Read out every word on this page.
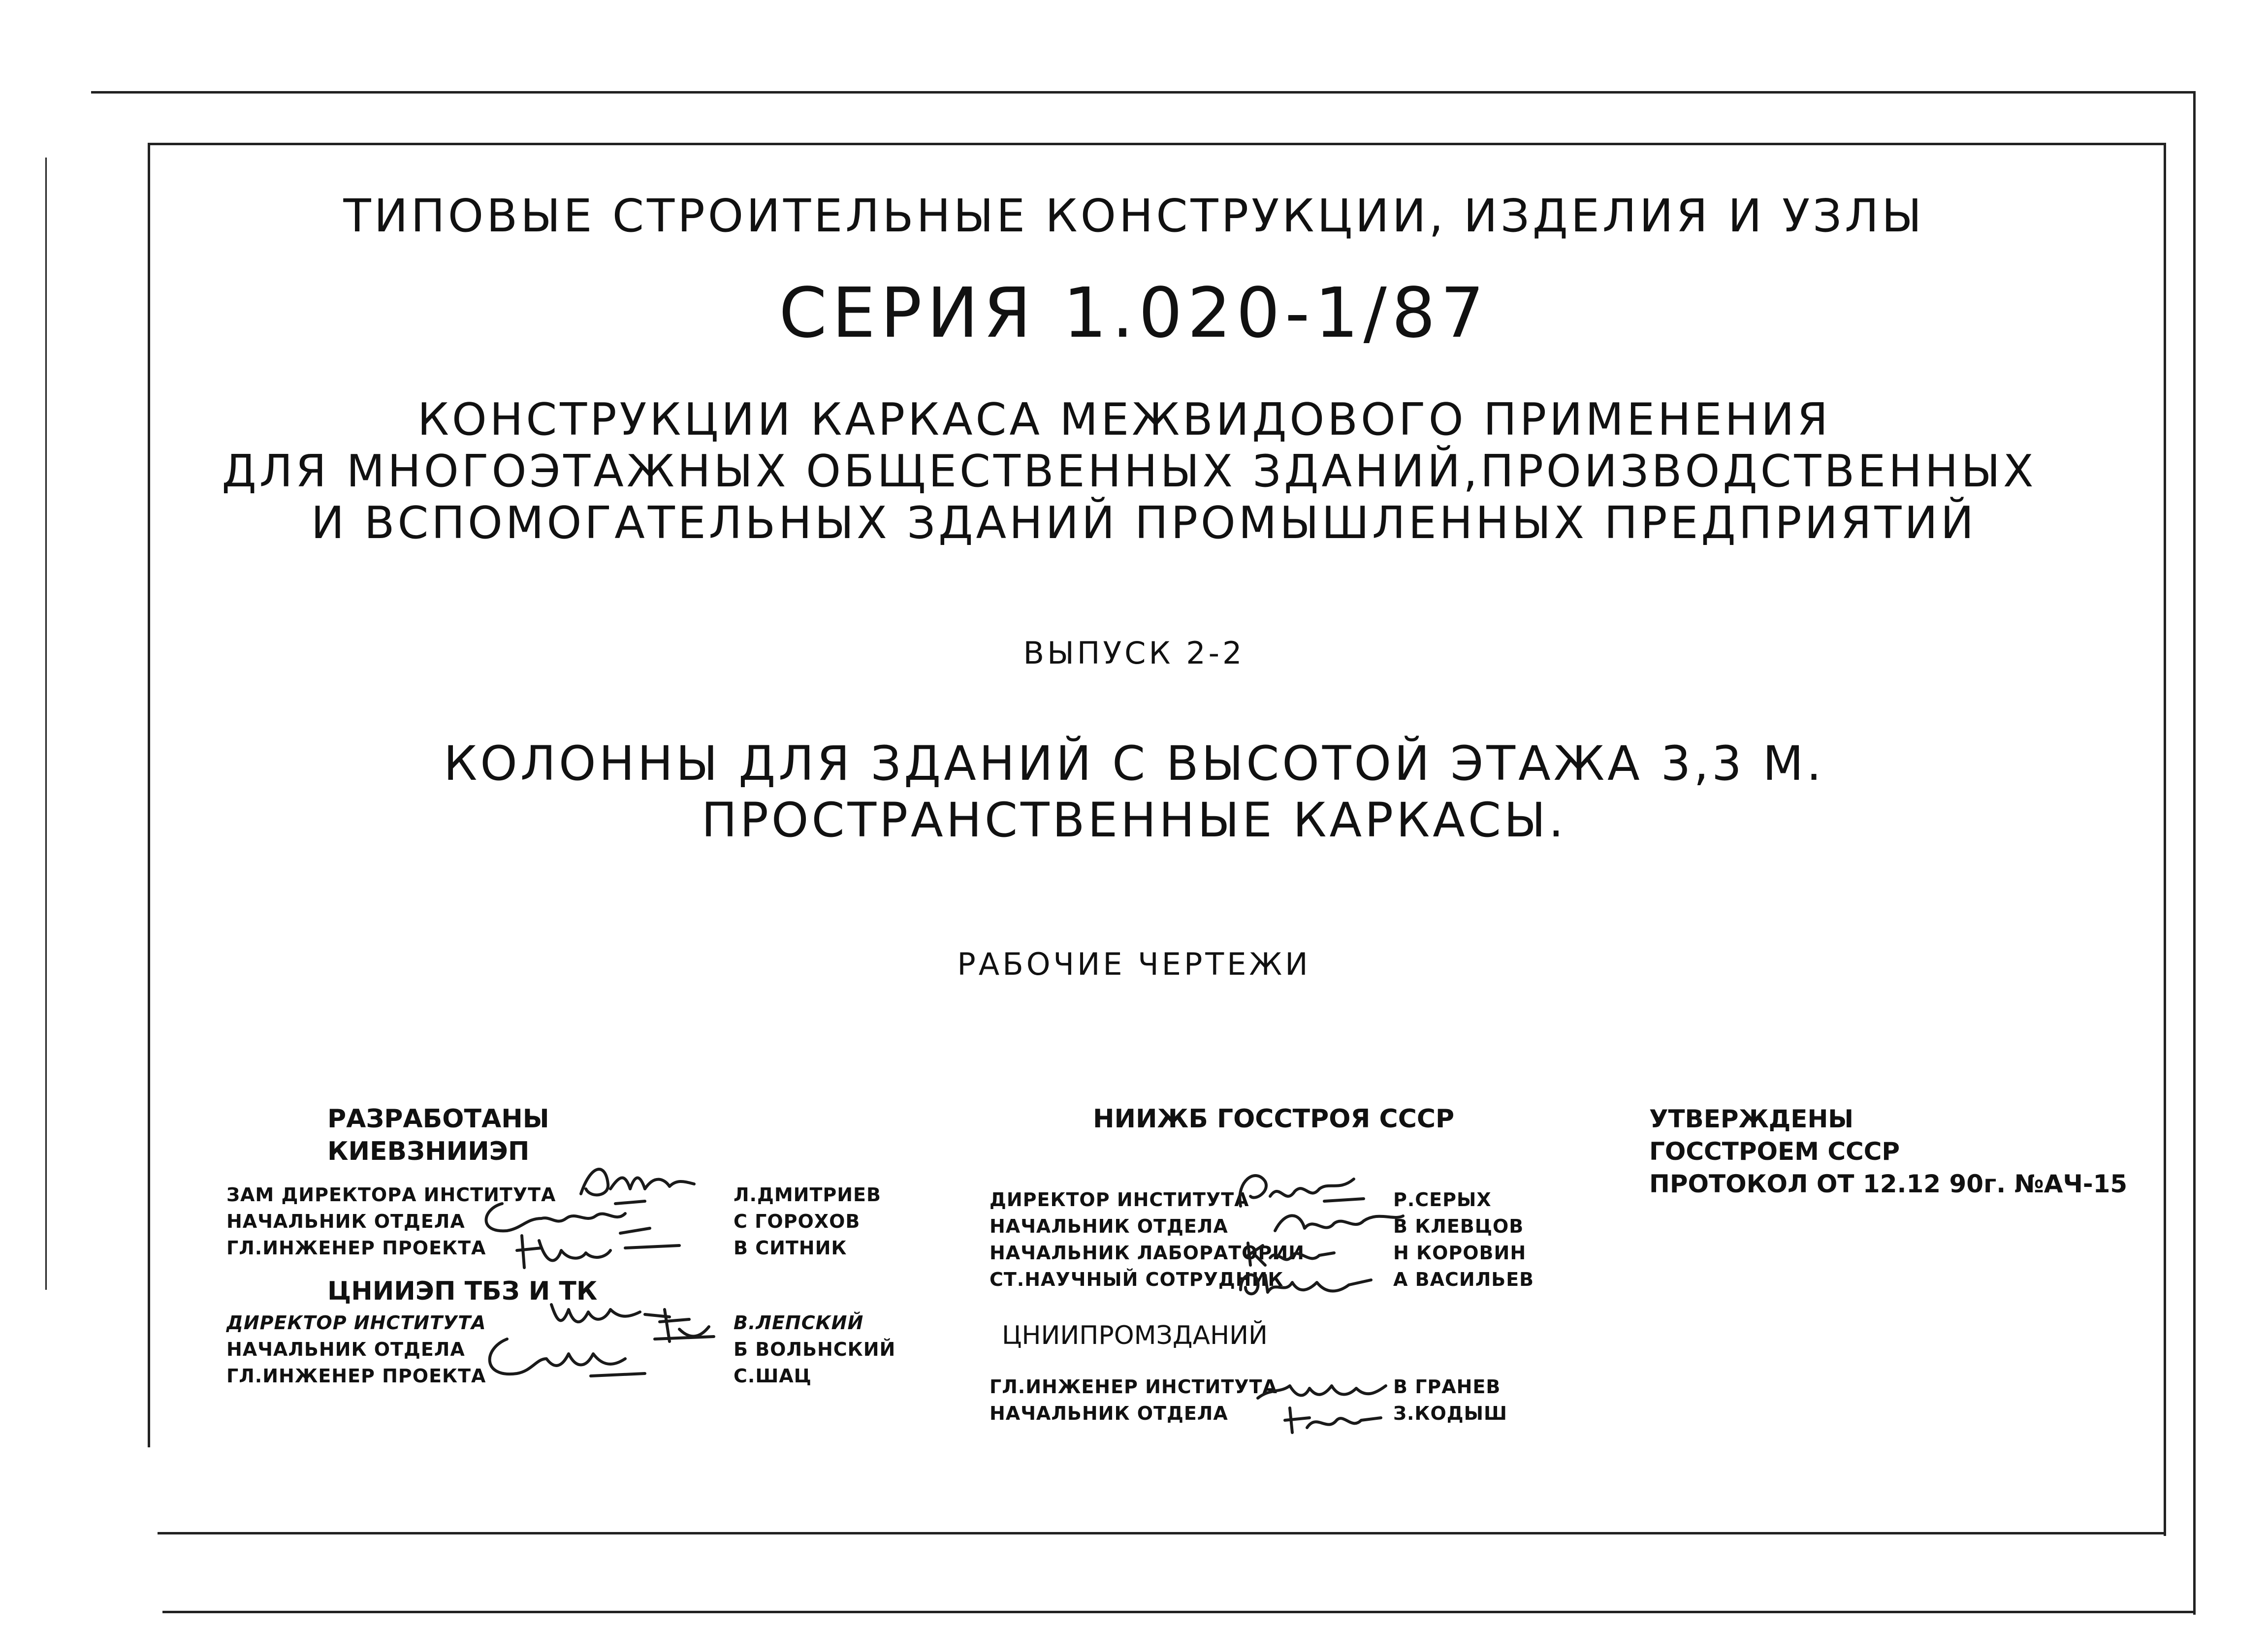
ТИПОВЫЕ СТРОИТЕЛЬНЫЕ КОНСТРУКЦИИ, ИЗДЕЛИЯ И УЗЛЫ
СЕРИЯ 1.020-1/87
КОНСТРУКЦИИ КАРКАСА МЕЖВИДОВОГО ПРИМЕНЕНИЯ
ДЛЯ МНОГОЭТАЖНЫХ ОБЩЕСТВЕННЫХ ЗДАНИЙ,ПРОИЗВОДСТВЕННЫХ
И ВСПОМОГАТЕЛЬНЫХ ЗДАНИЙ ПРОМЫШЛЕННЫХ ПРЕДПРИЯТИЙ
ВЫПУСК 2-2
КОЛОННЫ ДЛЯ ЗДАНИЙ С ВЫСОТОЙ ЭТАЖА 3,3 М.
ПРОСТРАНСТВЕННЫЕ КАРКАСЫ.
РАБОЧИЕ ЧЕРТЕЖИ
РАЗРАБОТАНЫ
КИЕВЗНИИЭП
ЗАМ ДИРЕКТОРА ИНСТИТУТА
НАЧАЛЬНИК ОТДЕЛА
ГЛ.ИНЖЕНЕР ПРОЕКТА
Л.ДМИТРИЕВ
С ГОРОХОВ
В СИТНИК
ЦНИИЭП ТБЗ И ТК
ДИРЕКТОР ИНСТИТУТА
НАЧАЛЬНИК ОТДЕЛА
ГЛ.ИНЖЕНЕР ПРОЕКТА
В.ЛЕПСКИЙ
Б ВОЛЬНСКИЙ
С.ШАЦ
НИИЖБ ГОССТРОЯ СССР
ДИРЕКТОР ИНСТИТУТА
НАЧАЛЬНИК ОТДЕЛА
НАЧАЛЬНИК ЛАБОРАТОРИИ
СТ.НАУЧНЫЙ СОТРУДНИК
Р.СЕРЫХ
В КЛЕВЦОВ
Н КОРОВИН
А ВАСИЛЬЕВ
ЦНИИПРОМЗДАНИЙ
ГЛ.ИНЖЕНЕР ИНСТИТУТА
НАЧАЛЬНИК ОТДЕЛА
В ГРАНЕВ
З.КОДЫШ
УТВЕРЖДЕНЫ
ГОССТРОЕМ СССР
ПРОТОКОЛ ОТ 12.12 90г. №АЧ-15
